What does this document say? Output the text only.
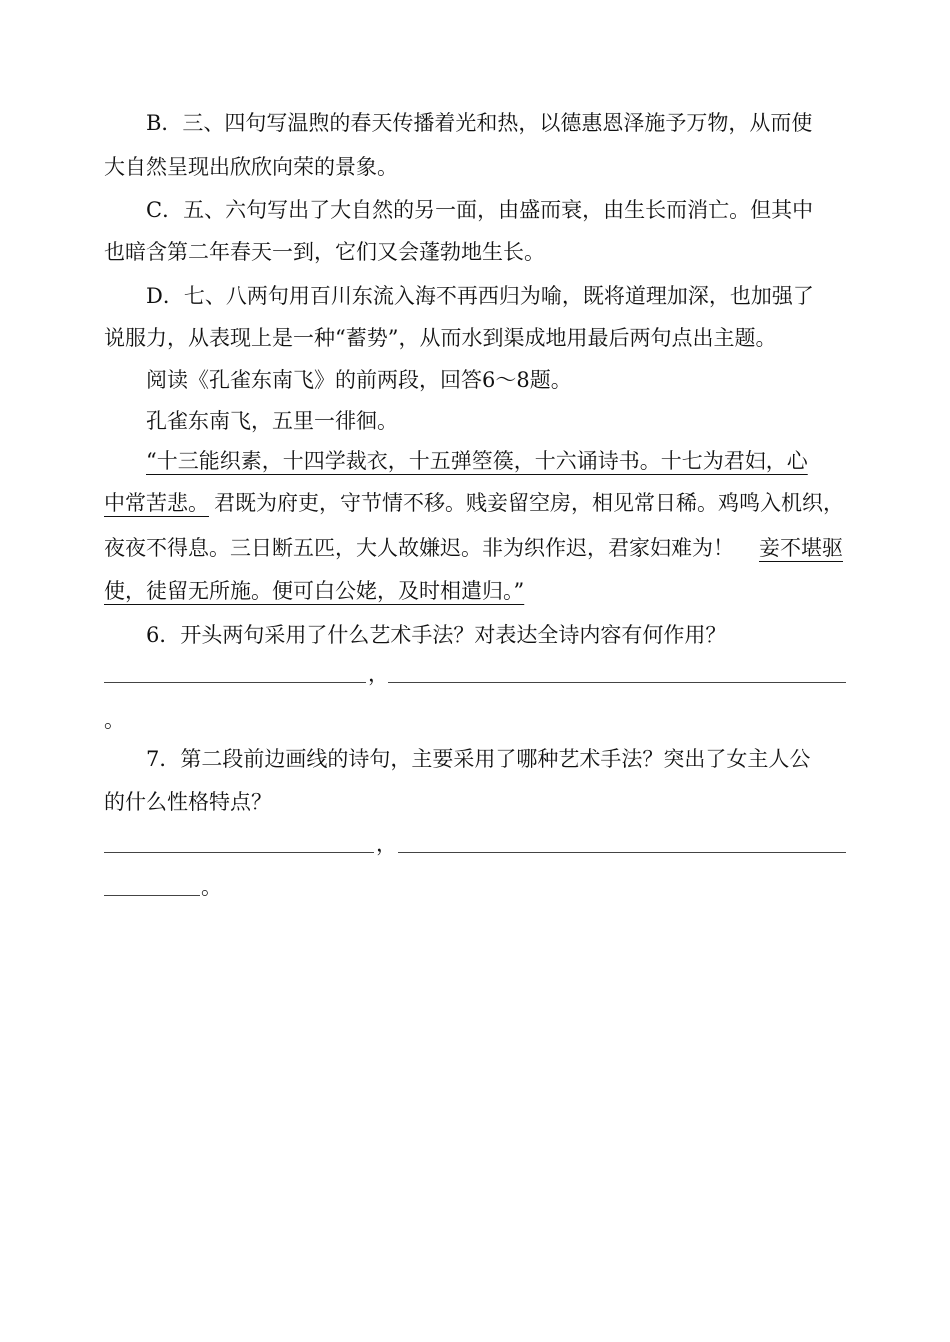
B．三、四句写温煦的春天传播着光和热，以德惠恩泽施予万物，从而使
大自然呈现出欣欣向荣的景象。
C．五、六句写出了大自然的另一面，由盛而衰，由生长而消亡。但其中
也暗含第二年春天一到，它们又会蓬勃地生长。
D．七、八两句用百川东流入海不再西归为喻，既将道理加深，也加强了
说服力，从表现上是一种“蓄势”，从而水到渠成地用最后两句点出主题。
阅读《孔雀东南飞》的前两段，回答6～8题。
孔雀东南飞，五里一徘徊。
“十三能织素，十四学裁衣，十五弹箜篌，十六诵诗书。十七为君妇，心
中常苦悲。 君既为府吏，守节情不移。贱妾留空房，相见常日稀。鸡鸣入机织，
夜夜不得息。三日断五匹，大人故嫌迟。非为织作迟，君家妇难为！ 妾不堪驱
使，徒留无所施。便可白公姥，及时相遣归。”
6．开头两句采用了什么艺术手法？对表达全诗内容有何作用？
，
。
7．第二段前边画线的诗句，主要采用了哪种艺术手法？突出了女主人公
的什么性格特点？
，
。
